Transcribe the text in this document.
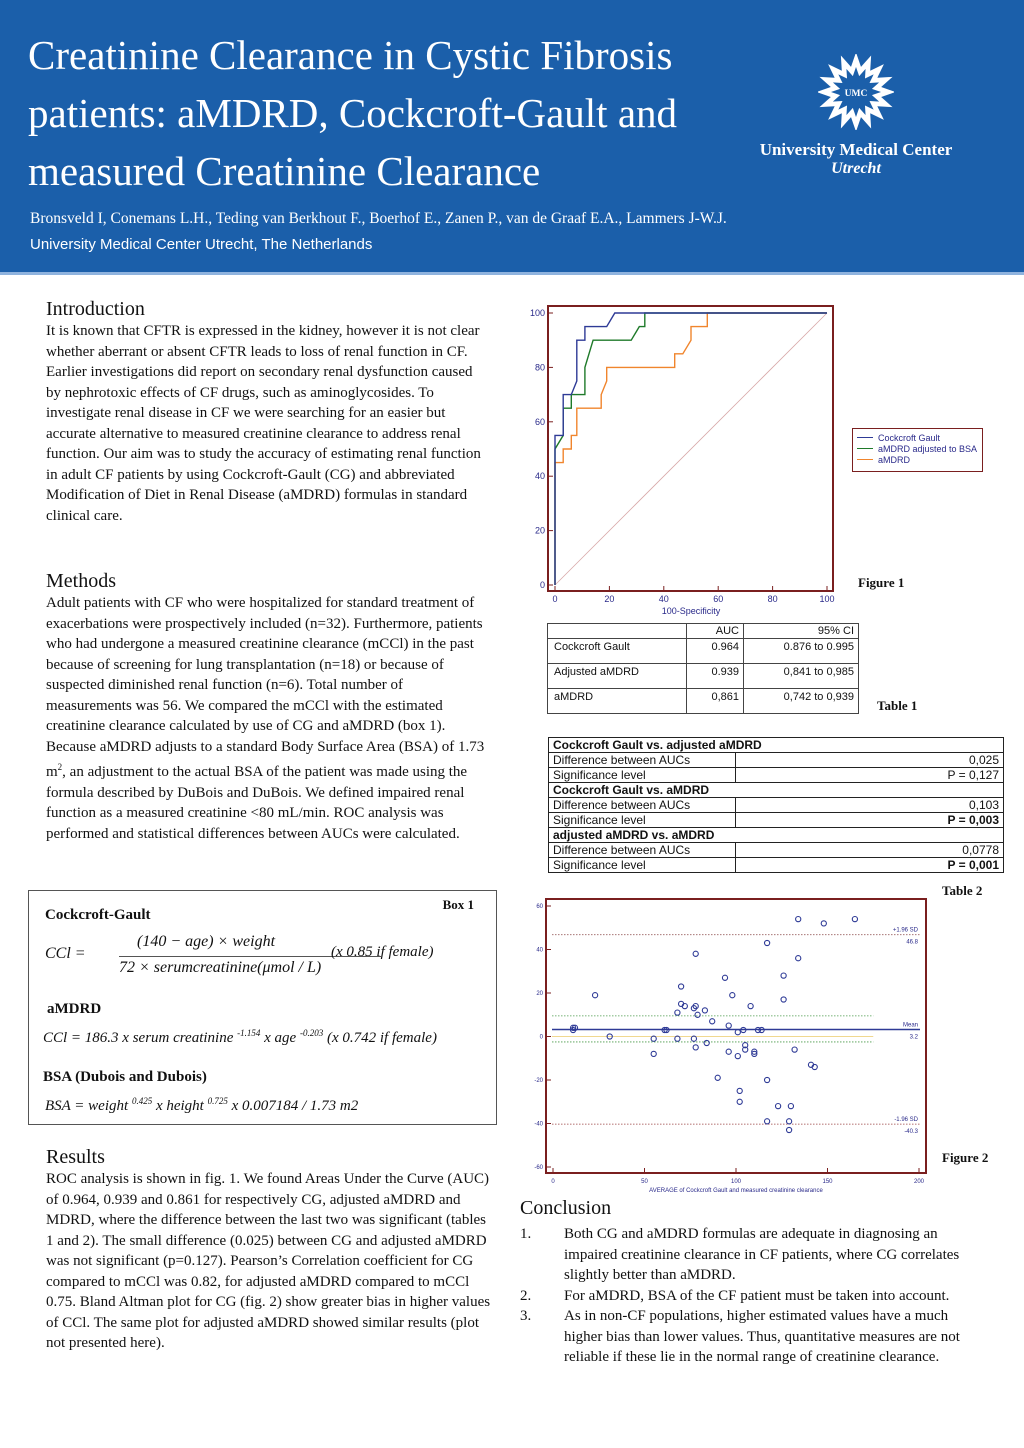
Creatinine Clearance in Cystic Fibrosis
patients: aMDRD, Cockcroft-Gault and
measured Creatinine Clearance
Bronsveld I, Conemans L.H., Teding van Berkhout F., Boerhof E., Zanen P., van de Graaf E.A., Lammers J-W.J.
University Medical Center Utrecht, The Netherlands
UMC
University Medical Center
Utrecht
Introduction

It is known that CFTR is expressed in the kidney, however it is not clear whether aberrant or absent CFTR leads to loss of renal function in CF. Earlier investigations did report on secondary renal dysfunction caused by nephrotoxic effects of CF drugs, such as aminoglycosides. To investigate renal disease in CF we were searching for an easier but accurate alternative to measured creatinine clearance to address renal function. Our aim was to study the accuracy of estimating renal function in adult CF patients by using Cockcroft-Gault (CG) and abbreviated Modification of Diet in Renal Disease (aMDRD) formulas in standard clinical care.

Methods

Adult patients with CF who were hospitalized for standard treatment of exacerbations were prospectively included (n=32). Furthermore, patients who had undergone a measured creatinine clearance (mCCl) in the past because of screening for lung transplantation (n=18) or because of suspected diminished renal function (n=6). Total number of measurements was 56. We compared the mCCl with the estimated creatinine clearance calculated by use of CG and aMDRD (box 1). Because aMDRD adjusts to a standard Body Surface Area (BSA) of 1.73 $m^2$, an adjustment to the actual BSA of the patient was made using the formula described by DuBois and DuBois. We defined impaired renal function as a measured creatinine <80 mL/min. ROC analysis was performed and statistical differences between AUCs were calculated.

Box 1
Cockcroft-Gault
CCl =
(140 − age) × weight
72 × serumcreatinine(μmol / L)
(x 0.85 if female)
aMDRD
CCl = 186.3 x serum creatinine $^{-1.154}$ x age $^{-0.203}$ (x 0.742 if female)
BSA (Dubois and Dubois)
BSA = weight $^{0.425}$ x height $^{0.725}$ x 0.007184 / 1.73 m2
Results

ROC analysis is shown in fig. 1. We found Areas Under the Curve (AUC) of 0.964, 0.939 and 0.861 for respectively CG, adjusted aMDRD and MDRD, where the difference between the last two was significant (tables 1 and 2). The small difference (0.025) between CG and adjusted aMDRD was not significant (p=0.127). Pearson’s Correlation coefficient for CG compared to mCCl was 0.82, for adjusted aMDRD compared to mCCl 0.75. Bland Altman plot for CG (fig. 2) show greater bias in higher values of CCl. The same plot for adjusted aMDRD showed similar results (plot not presented here).

0	20	40	60	80	100
0
20
40
60
80
100
100-Specificity
Figure 1
Cockcroft Gault
aMDRD adjusted to BSA
aMDRD
	AUC	95% CI
Cockcroft Gault	0.964	0.876 to 0.995
Adjusted aMDRD	0.939	0,841 to 0,985
aMDRD	0,861	0,742 to 0,939
Table 1
Cockcroft Gault vs. adjusted aMDRD	
Difference between AUCs	0,025
Significance level	P = 0,127
Cockcroft Gault vs. aMDRD	
Difference between AUCs	0,103
Significance level	P = 0,003
adjusted aMDRD vs. aMDRD	
Difference between AUCs	0,0778
Significance level	P = 0,001
Table 2
0	50	100	150	200
-60
-40
-20
0
20
40
60
AVERAGE of Cockcroft Gault and measured creatinine clearance
+1.96 SD
46.8
Mean
3.2
-1.96 SD
-40.3
Figure 2
Conclusion
1. Both CG and aMDRD formulas are adequate in diagnosing an impaired creatinine clearance in CF patients, where CG correlates slightly better than aMDRD.
2. For aMDRD, BSA of the CF patient must be taken into account.
3. As in non-CF populations, higher estimated values have a much higher bias than lower values. Thus, quantitative measures are not reliable if these lie in the normal range of creatinine clearance.
